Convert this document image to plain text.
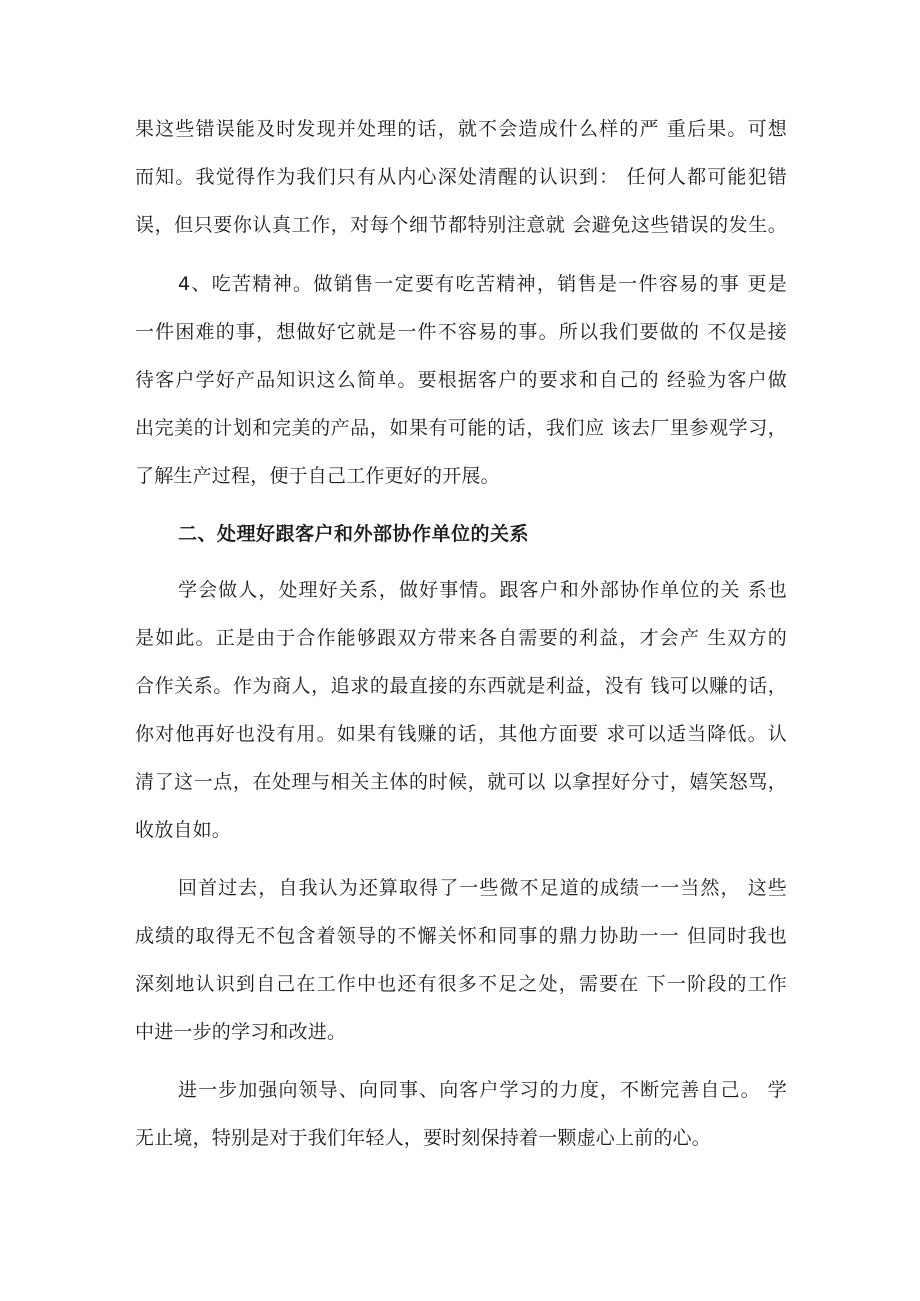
果这些错误能及时发现并处理的话，就不会造成什么样的严 重后果。可想
而知。我觉得作为我们只有从内心深处清醒的认识到： 任何人都可能犯错
误，但只要你认真工作，对每个细节都特别注意就 会避免这些错误的发生。
4、吃苦精神。做销售一定要有吃苦精神，销售是一件容易的事 更是
一件困难的事，想做好它就是一件不容易的事。所以我们要做的 不仅是接
待客户学好产品知识这么简单。要根据客户的要求和自己的 经验为客户做
出完美的计划和完美的产品，如果有可能的话，我们应 该去厂里参观学习，
了解生产过程，便于自己工作更好的开展。
二、处理好跟客户和外部协作单位的关系
学会做人，处理好关系，做好事情。跟客户和外部协作单位的关 系也
是如此。正是由于合作能够跟双方带来各自需要的利益，才会产 生双方的
合作关系。作为商人，追求的最直接的东西就是利益，没有 钱可以赚的话，
你对他再好也没有用。如果有钱赚的话，其他方面要 求可以适当降低。认
清了这一点，在处理与相关主体的时候，就可以 以拿捏好分寸，嬉笑怒骂，
收放自如。
回首过去，自我认为还算取得了一些微不足道的成绩一一当然， 这些
成绩的取得无不包含着领导的不懈关怀和同事的鼎力协助一一 但同时我也
深刻地认识到自己在工作中也还有很多不足之处，需要在 下一阶段的工作
中进一步的学习和改进。
进一步加强向领导、向同事、向客户学习的力度，不断完善自己。 学
无止境，特别是对于我们年轻人，要时刻保持着一颗虚心上前的心。
